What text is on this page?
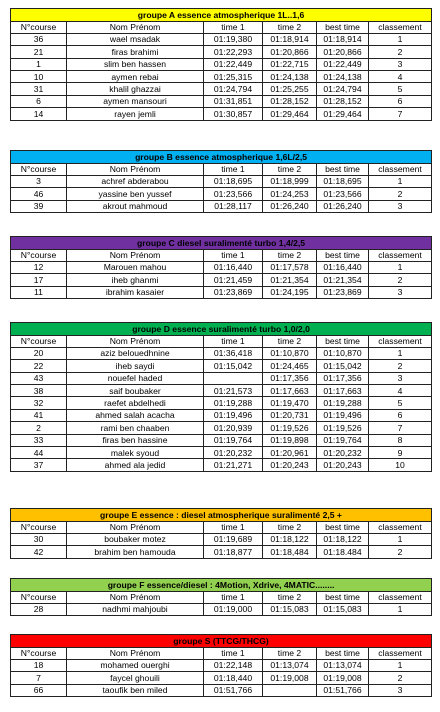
groupe A essence atmospherique 1L..1,6					
N°course	Nom Prénom	time 1	time 2	best time	classement
36	wael msadak	01:19,380	01:18,914	01:18,914	1
21	firas brahimi	01:22,293	01:20,866	01:20,866	2
1	slim ben hassen	01:22,449	01:22,715	01:22,449	3
10	aymen rebai	01:25,315	01:24,138	01:24,138	4
31	khalil ghazzai	01:24,794	01:25,255	01:24,794	5
6	aymen mansouri	01:31,851	01:28,152	01:28,152	6
14	rayen jemli	01:30,857	01:29,464	01:29,464	7
groupe B essence atmospherique 1,6L/2,5					
N°course	Nom Prénom	time 1	time 2	best time	classement
3	achref abderabou	01:18,695	01:18,999	01:18,695	1
46	yassine ben yussef	01:23,566	01:24,253	01:23,566	2
39	akrout mahmoud	01:28,117	01:26,240	01:26,240	3
groupe C diesel suralimenté turbo 1,4/2,5					
N°course	Nom Prénom	time 1	time 2	best time	classement
12	Marouen mahou	01:16,440	01:17,578	01:16,440	1
17	iheb ghanmi	01:21,459	01:21,354	01:21,354	2
11	ibrahim kasaier	01:23,869	01:24,195	01:23,869	3
groupe D essence suralimenté turbo 1,0/2,0					
N°course	Nom Prénom	time 1	time 2	best time	classement
20	aziz belouedhnine	01:36,418	01:10,870	01:10,870	1
22	iheb saydi	01:15,042	01:24,465	01:15,042	2
43	nouefel haded		01:17,356	01:17,356	3
38	saif boubaker	01:21,573	01:17,663	01:17,663	4
32	raefet abdelhedi	01:19,288	01:19,470	01:19,288	5
41	ahmed salah acacha	01:19,496	01:20,731	01:19,496	6
2	rami ben chaaben	01:20,939	01:19,526	01:19,526	7
33	firas ben hassine	01:19,764	01:19,898	01:19,764	8
44	malek syoud	01:20,232	01:20,961	01:20,232	9
37	ahmed ala jedid	01:21,271	01:20,243	01:20,243	10
groupe E essence : diesel atmospherique suralimenté 2,5 +					
N°course	Nom Prénom	time 1	time 2	best time	classement
30	boubaker motez	01:19,689	01:18,122	01:18,122	1
42	brahim ben hamouda	01:18,877	01:18,484	01:18.484	2
groupe F essence/diesel : 4Motion, Xdrive, 4MATIC........					
N°course	Nom Prénom	time 1	time 2	best time	classement
28	nadhmi mahjoubi	01:19,000	01:15,083	01:15,083	1
groupe S (TTCG/THCG)					
N°course	Nom Prénom	time 1	time 2	best time	classement
18	mohamed ouerghi	01:22,148	01:13,074	01:13,074	1
7	faycel ghouili	01:18,440	01:19,008	01:19,008	2
66	taoufik ben miled	01:51,766		01:51,766	3
